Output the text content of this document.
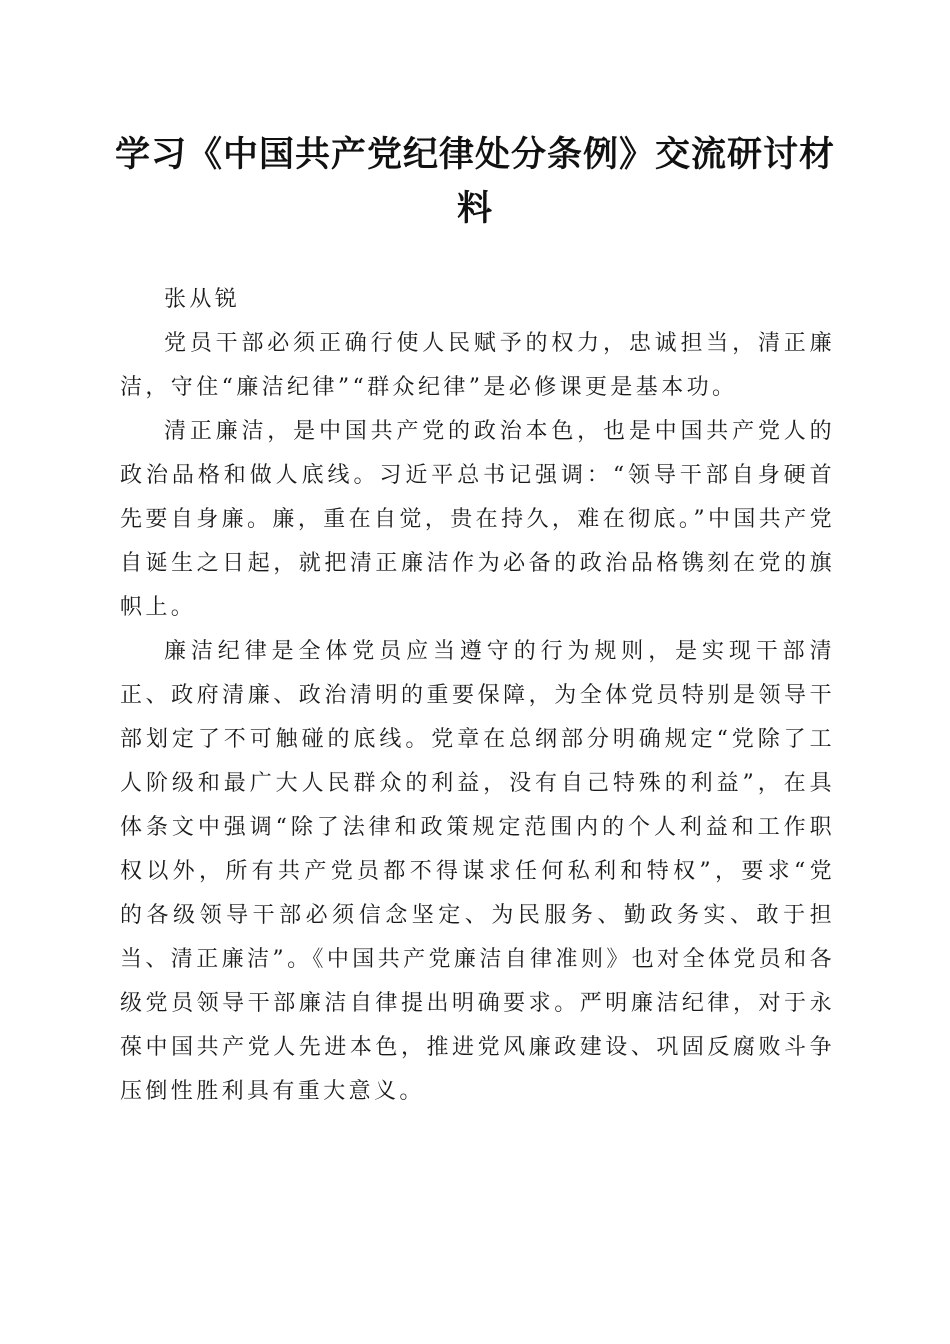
学习《中国共产党纪律处分条例》交流研讨材料

张从锐

党员干部必须正确行使人民赋予的权力，忠诚担当，清正廉洁，守住“廉洁纪律”“群众纪律”是必修课更是基本功。

清正廉洁，是中国共产党的政治本色，也是中国共产党人的政治品格和做人底线。习近平总书记强调：“领导干部自身硬首先要自身廉。廉，重在自觉，贵在持久，难在彻底。”中国共产党自诞生之日起，就把清正廉洁作为必备的政治品格镌刻在党的旗帜上。

廉洁纪律是全体党员应当遵守的行为规则，是实现干部清正、政府清廉、政治清明的重要保障，为全体党员特别是领导干部划定了不可触碰的底线。党章在总纲部分明确规定“党除了工人阶级和最广大人民群众的利益，没有自己特殊的利益”，在具体条文中强调“除了法律和政策规定范围内的个人利益和工作职权以外，所有共产党员都不得谋求任何私利和特权”，要求“党的各级领导干部必须信念坚定、为民服务、勤政务实、敢于担当、清正廉洁”。《中国共产党廉洁自律准则》也对全体党员和各级党员领导干部廉洁自律提出明确要求。严明廉洁纪律，对于永葆中国共产党人先进本色，推进党风廉政建设、巩固反腐败斗争压倒性胜利具有重大意义。
